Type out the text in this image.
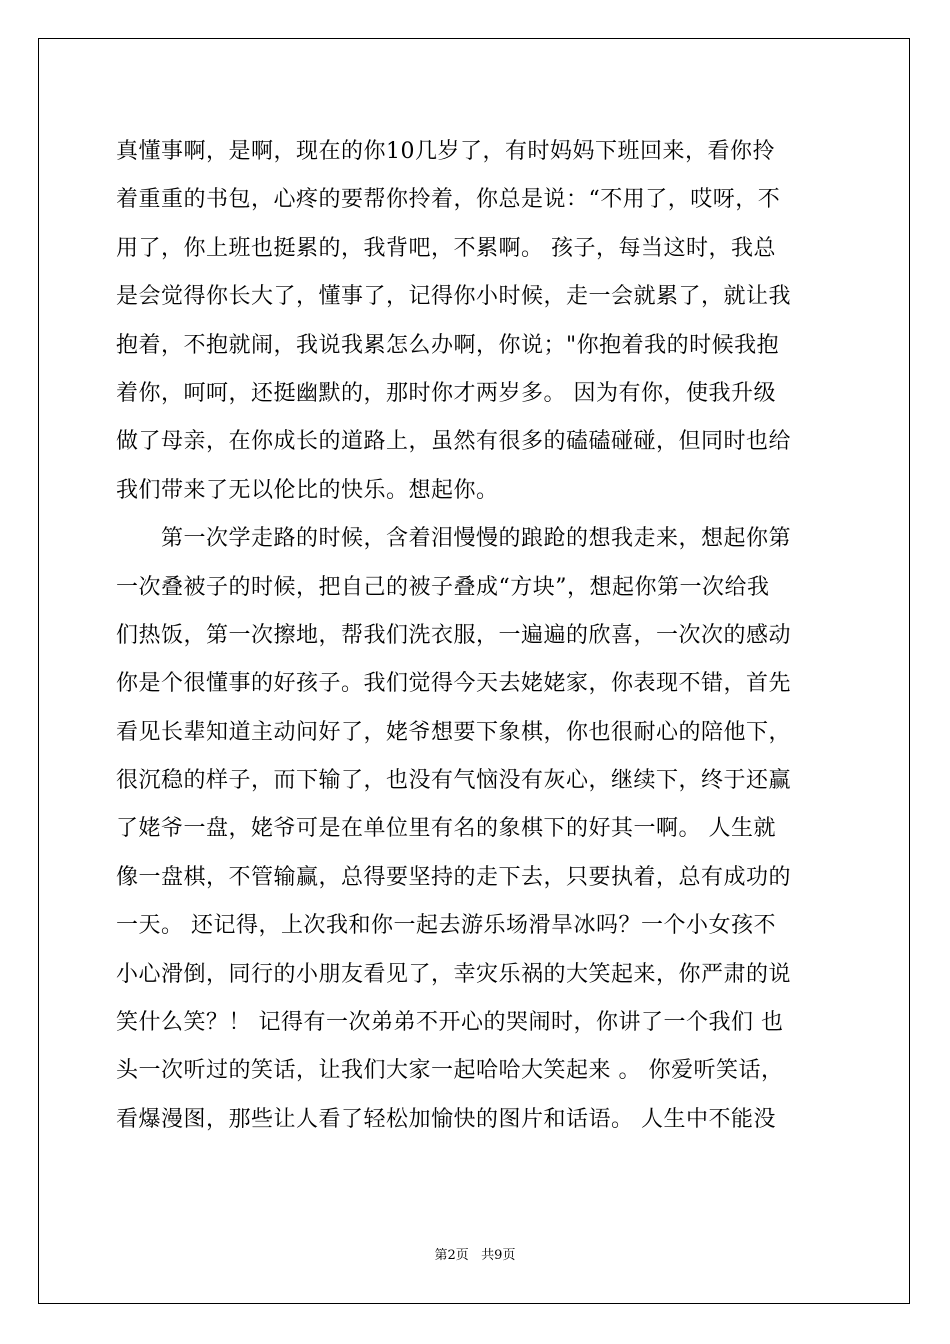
真懂事啊，是啊，现在的你10几岁了，有时妈妈下班回来，看你拎
着重重的书包，心疼的要帮你拎着，你总是说：“不用了，哎呀，不
用了，你上班也挺累的，我背吧，不累啊。 孩子，每当这时，我总
是会觉得你长大了，懂事了，记得你小时候，走一会就累了，就让我
抱着，不抱就闹，我说我累怎么办啊，你说；"你抱着我的时候我抱
着你，呵呵，还挺幽默的，那时你才两岁多。 因为有你，使我升级
做了母亲，在你成长的道路上，虽然有很多的磕磕碰碰，但同时也给
我们带来了无以伦比的快乐。想起你。
第一次学走路的时候，含着泪慢慢的踉跄的想我走来，想起你第
一次叠被子的时候，把自己的被子叠成“方块”，想起你第一次给我
们热饭，第一次擦地，帮我们洗衣服，一遍遍的欣喜，一次次的感动
你是个很懂事的好孩子。我们觉得今天去姥姥家，你表现不错，首先
看见长辈知道主动问好了，姥爷想要下象棋，你也很耐心的陪他下，
很沉稳的样子，而下输了，也没有气恼没有灰心，继续下，终于还赢
了姥爷一盘，姥爷可是在单位里有名的象棋下的好其一啊。 人生就
像一盘棋，不管输赢，总得要坚持的走下去，只要执着，总有成功的
一天。 还记得，上次我和你一起去游乐场滑旱冰吗？一个小女孩不
小心滑倒，同行的小朋友看见了，幸灾乐祸的大笑起来，你严肃的说
笑什么笑？！ 记得有一次弟弟不开心的哭闹时，你讲了一个我们 也
头一次听过的笑话，让我们大家一起哈哈大笑起来 。 你爱听笑话，
看爆漫图，那些让人看了轻松加愉快的图片和话语。 人生中不能没
第2页   共9页
